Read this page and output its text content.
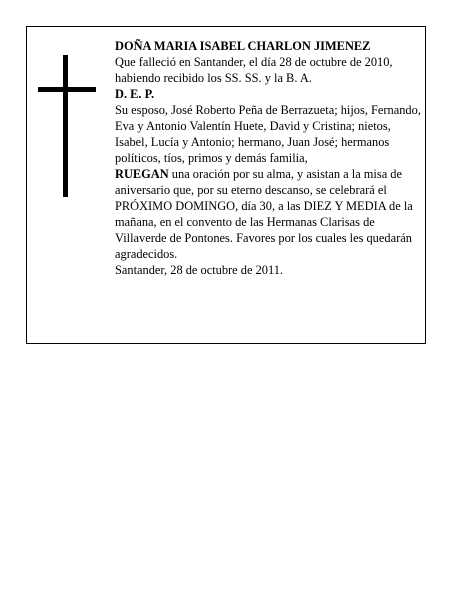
DOÑA MARIA ISABEL CHARLON JIMENEZ

Que falleció en Santander, el día 28 de octubre de 2010, habiendo recibido los SS. SS. y la B. A.

D. E. P.

Su esposo, José Roberto Peña de Berrazueta; hijos, Fernando, Eva y Antonio Valentín Huete, David y Cristina; nietos, Isabel, Lucía y Antonio; hermano, Juan José; hermanos políticos, tíos, primos y demás familia,

RUEGAN una oración por su alma, y asistan a la misa de aniversario que, por su eterno descanso, se celebrará el PRÓXIMO DOMINGO, día 30, a las DIEZ Y MEDIA de la mañana, en el convento de las Hermanas Clarisas de Villaverde de Pontones. Favores por los cuales les quedarán agradecidos.

Santander, 28 de octubre de 2011.
